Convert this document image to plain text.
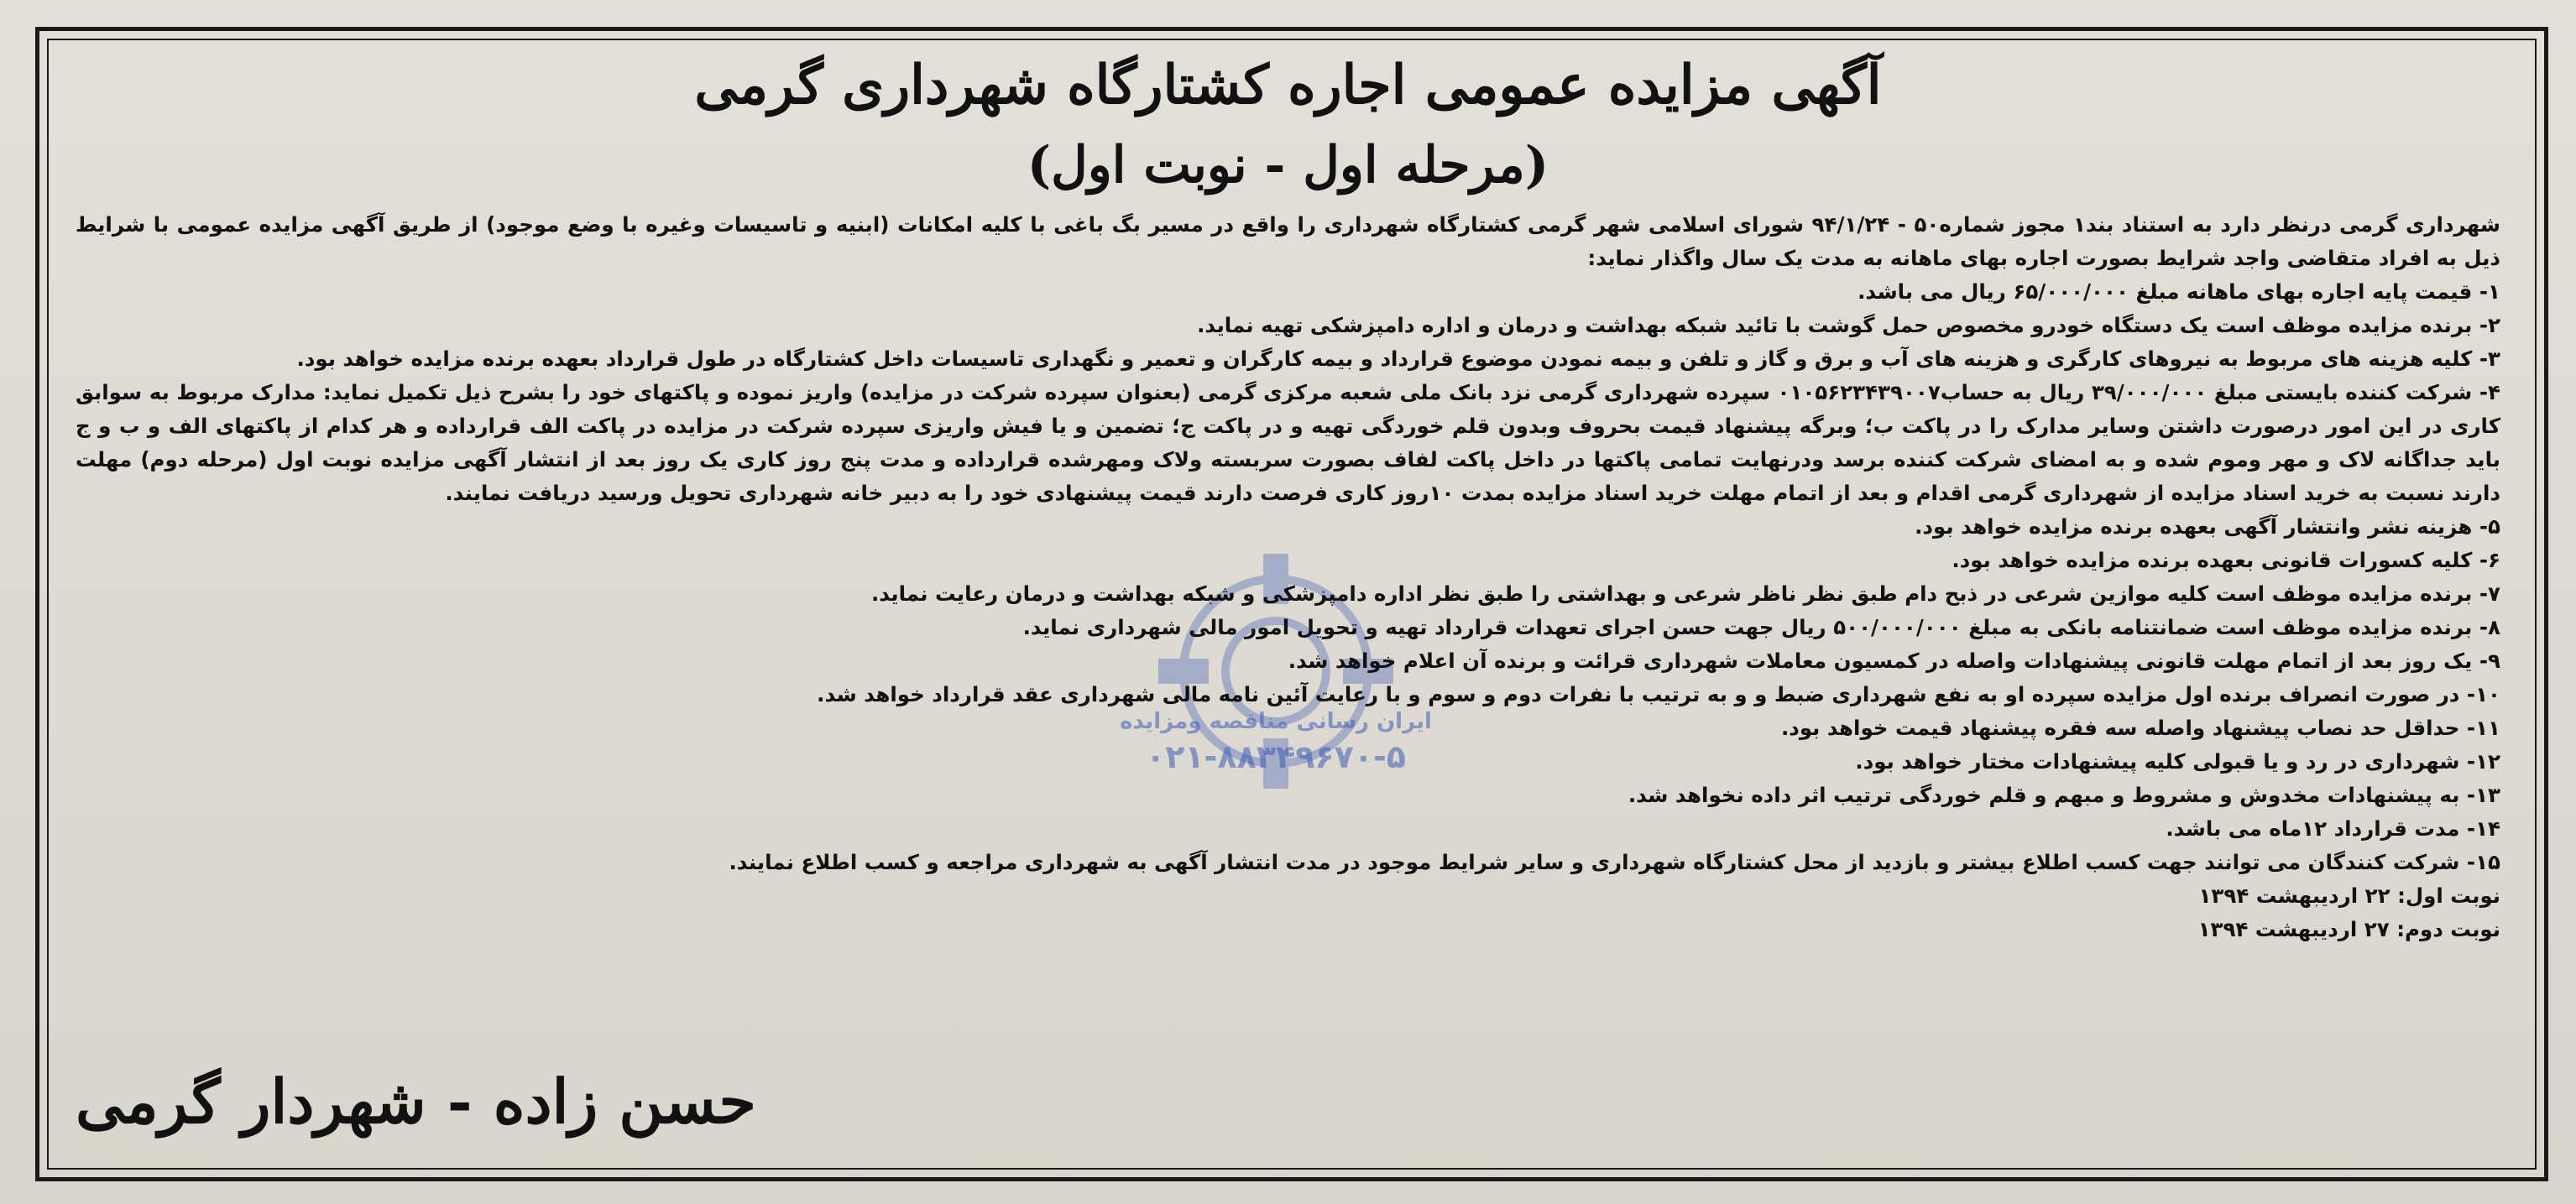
ایران رسانی مناقصه ومزایده
۰۲۱-۸۸۳۴۹۶۷۰-۵
آگهی مزایده عمومی اجاره کشتارگاه شهرداری گرمی
(مرحله اول - نوبت اول)

شهرداری گرمی درنظر دارد به استناد بند۱ مجوز شماره۵۰ - ۹۴/۱/۲۴ شورای اسلامی شهر گرمی کشتارگاه شهرداری را واقع در مسیر بگ باغی با کلیه امکانات (ابنیه و تاسیسات وغیره با وضع موجود) از طریق آگهی مزایده عمومی با شرایط ذیل به افراد متقاضی واجد شرایط بصورت اجاره بهای ماهانه به مدت یک سال واگذار نماید:

۱- قیمت پایه اجاره بهای ماهانه مبلغ ۶۵/۰۰۰/۰۰۰ ریال می باشد.

۲- برنده مزایده موظف است یک دستگاه خودرو مخصوص حمل گوشت با تائید شبکه بهداشت و درمان و اداره دامپزشکی تهیه نماید.

۳- کلیه هزینه های مربوط به نیروهای کارگری و هزینه های آب و برق و گاز و تلفن و بیمه نمودن موضوع قرارداد و بیمه کارگران و تعمیر و نگهداری تاسیسات داخل کشتارگاه در طول قرارداد بعهده برنده مزایده خواهد بود.

۴- شرکت کننده بایستی مبلغ ۳۹/۰۰۰/۰۰۰ ریال به حساب۰۱۰۵۶۲۳۴۳۹۰۰۷ سپرده شهرداری گرمی نزد بانک ملی شعبه مرکزی گرمی (بعنوان سپرده شرکت در مزایده) واریز نموده و پاکتهای خود را بشرح ذیل تکمیل نماید: مدارک مربوط به سوابق کاری در این امور درصورت داشتن وسایر مدارک را در پاکت ب؛ وبرگه پیشنهاد قیمت بحروف وبدون قلم خوردگی تهیه و در پاکت ج؛ تضمین و یا فیش واریزی سپرده شرکت در مزایده در پاکت الف قرارداده و هر کدام از پاکتهای الف و ب و ج باید جداگانه لاک و مهر وموم شده و به امضای شرکت کننده برسد ودرنهایت تمامی پاکتها در داخل پاکت لفاف بصورت سربسته ولاک ومهرشده قرارداده و مدت پنج روز کاری یک روز بعد از انتشار آگهی مزایده نوبت اول (مرحله دوم) مهلت دارند نسبت به خرید اسناد مزایده از شهرداری گرمی اقدام و بعد از اتمام مهلت خرید اسناد مزایده بمدت ۱۰روز کاری فرصت دارند قیمت پیشنهادی خود را به دبیر خانه شهرداری تحویل ورسید دریافت نمایند.

۵- هزینه نشر وانتشار آگهی بعهده برنده مزایده خواهد بود.

۶- کلیه کسورات قانونی بعهده برنده مزایده خواهد بود.

۷- برنده مزایده موظف است کلیه موازین شرعی در ذبح دام طبق نظر ناظر شرعی و بهداشتی را طبق نظر اداره دامپزشکی و شبکه بهداشت و درمان رعایت نماید.

۸- برنده مزایده موظف است ضمانتنامه بانکی به مبلغ ۵۰۰/۰۰۰/۰۰۰ ریال جهت حسن اجرای تعهدات قرارداد تهیه و تحویل امور مالی شهرداری نماید.

۹- یک روز بعد از اتمام مهلت قانونی پیشنهادات واصله در کمسیون معاملات شهرداری قرائت و برنده آن اعلام خواهد شد.

۱۰- در صورت انصراف برنده اول مزایده سپرده او به نفع شهرداری ضبط و و به ترتیب با نفرات دوم و سوم و با رعایت آئین نامه مالی شهرداری عقد قرارداد خواهد شد.

۱۱- حداقل حد نصاب پیشنهاد واصله سه فقره پیشنهاد قیمت خواهد بود.

۱۲- شهرداری در رد و یا قبولی کلیه پیشنهادات مختار خواهد بود.

۱۳- به پیشنهادات مخدوش و مشروط و مبهم و قلم خوردگی ترتیب اثر داده نخواهد شد.

۱۴- مدت قرارداد ۱۲ماه می باشد.

۱۵- شرکت کنندگان می توانند جهت کسب اطلاع بیشتر و بازدید از محل کشتارگاه شهرداری و سایر شرایط موجود در مدت انتشار آگهی به شهرداری مراجعه و کسب اطلاع نمایند.

نوبت اول: ۲۲ اردیبهشت ۱۳۹۴

نوبت دوم: ۲۷ اردیبهشت ۱۳۹۴

حسن زاده - شهردار گرمی
